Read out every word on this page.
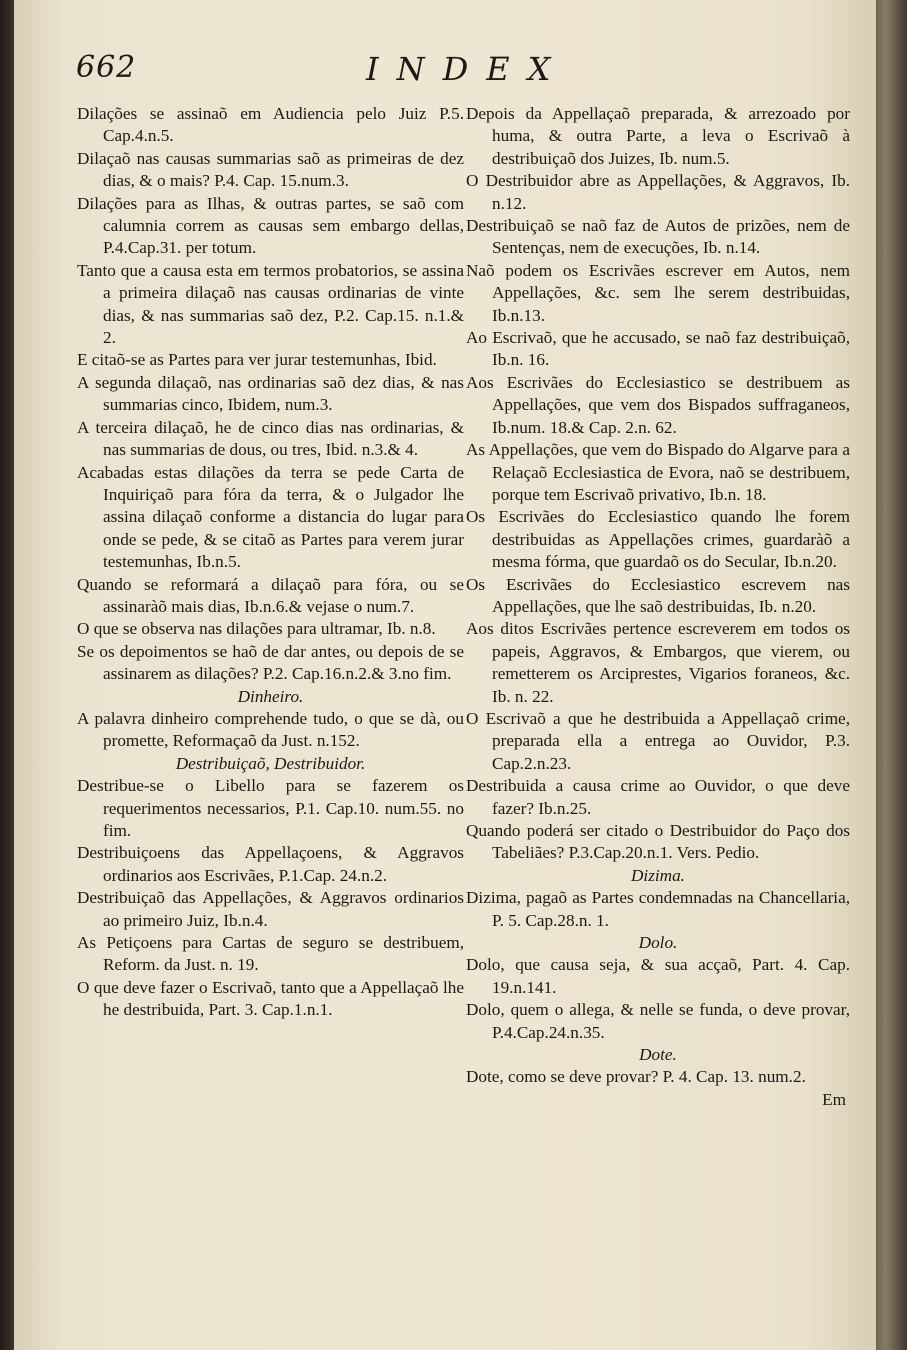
662	INDEX
Dilações se assinaõ em Audiencia pelo Juiz P.5. Cap.4.n.5.
Dilaçaõ nas causas summarias saõ as primeiras de dez dias, & o mais? P.4. Cap. 15.num.3.
Dilações para as Ilhas, & outras partes, se saõ com calumnia correm as causas sem embargo dellas, P.4.Cap.31. per totum.
Tanto que a causa esta em termos probatorios, se assina a primeira dilaçaõ nas causas ordinarias de vinte dias, & nas summarias saõ dez, P.2. Cap.15. n.1.& 2.
E citaõ-se as Partes para ver jurar testemunhas, Ibid.
A segunda dilaçaõ, nas ordinarias saõ dez dias, & nas summarias cinco, Ibidem, num.3.
A terceira dilaçaõ, he de cinco dias nas ordinarias, & nas summarias de dous, ou tres, Ibid. n.3.& 4.
Acabadas estas dilações da terra se pede Carta de Inquiriçaõ para fóra da terra, & o Julgador lhe assina dilaçaõ conforme a distancia do lugar para onde se pede, & se citaõ as Partes para verem jurar testemunhas, Ib.n.5.
Quando se reformará a dilaçaõ para fóra, ou se assinaràõ mais dias, Ib.n.6.& vejase o num.7.
O que se observa nas dilações para ultramar, Ib. n.8.
Se os depoimentos se haõ de dar antes, ou depois de se assinarem as dilações? P.2. Cap.16.n.2.& 3.no fim.
Dinheiro.
A palavra dinheiro comprehende tudo, o que se dà, ou promette, Reformaçaõ da Just. n.152.
Destribuiçaõ, Destribuidor.
Destribue-se o Libello para se fazerem os requerimentos necessarios, P.1. Cap.10. num.55. no fim.
Destribuiçoens das Appellaçoens, & Aggravos ordinarios aos Escrivães, P.1.Cap. 24.n.2.
Destribuiçaõ das Appellações, & Aggravos ordinarios ao primeiro Juiz, Ib.n.4.
As Petiçoens para Cartas de seguro se destribuem, Reform. da Just. n. 19.
O que deve fazer o Escrivaõ, tanto que a Appellaçaõ lhe he destribuida, Part. 3. Cap.1.n.1.
Depois da Appellaçaõ preparada, & arrezoado por huma, & outra Parte, a leva o Escrivaõ à destribuiçaõ dos Juizes, Ib. num.5.
O Destribuidor abre as Appellações, & Aggravos, Ib. n.12.
Destribuiçaõ se naõ faz de Autos de prizões, nem de Sentenças, nem de execuções, Ib. n.14.
Naõ podem os Escrivães escrever em Autos, nem Appellações, &c. sem lhe serem destribuidas, Ib.n.13.
Ao Escrivaõ, que he accusado, se naõ faz destribuiçaõ, Ib.n. 16.
Aos Escrivães do Ecclesiastico se destribuem as Appellações, que vem dos Bispados suffraganeos, Ib.num. 18.& Cap. 2.n. 62.
As Appellações, que vem do Bispado do Algarve para a Relaçaõ Ecclesiastica de Evora, naõ se destribuem, porque tem Escrivaõ privativo, Ib.n. 18.
Os Escrivães do Ecclesiastico quando lhe forem destribuidas as Appellações crimes, guardaràõ a mesma fórma, que guardaõ os do Secular, Ib.n.20.
Os Escrivães do Ecclesiastico escrevem nas Appellações, que lhe saõ destribuidas, Ib. n.20.
Aos ditos Escrivães pertence escreverem em todos os papeis, Aggravos, & Embargos, que vierem, ou remetterem os Arciprestes, Vigarios foraneos, &c. Ib. n. 22.
O Escrivaõ a que he destribuida a Appellaçaõ crime, preparada ella a entrega ao Ouvidor, P.3. Cap.2.n.23.
Destribuida a causa crime ao Ouvidor, o que deve fazer? Ib.n.25.
Quando poderá ser citado o Destribuidor do Paço dos Tabeliães? P.3.Cap.20.n.1. Vers. Pedio.
Dizima.
Dizima, pagaõ as Partes condemnadas na Chancellaria, P. 5. Cap.28.n. 1.
Dolo.
Dolo, que causa seja, & sua acçaõ, Part. 4. Cap. 19.n.141.
Dolo, quem o allega, & nelle se funda, o deve provar, P.4.Cap.24.n.35.
Dote.
Dote, como se deve provar? P. 4. Cap. 13. num.2.
Em
